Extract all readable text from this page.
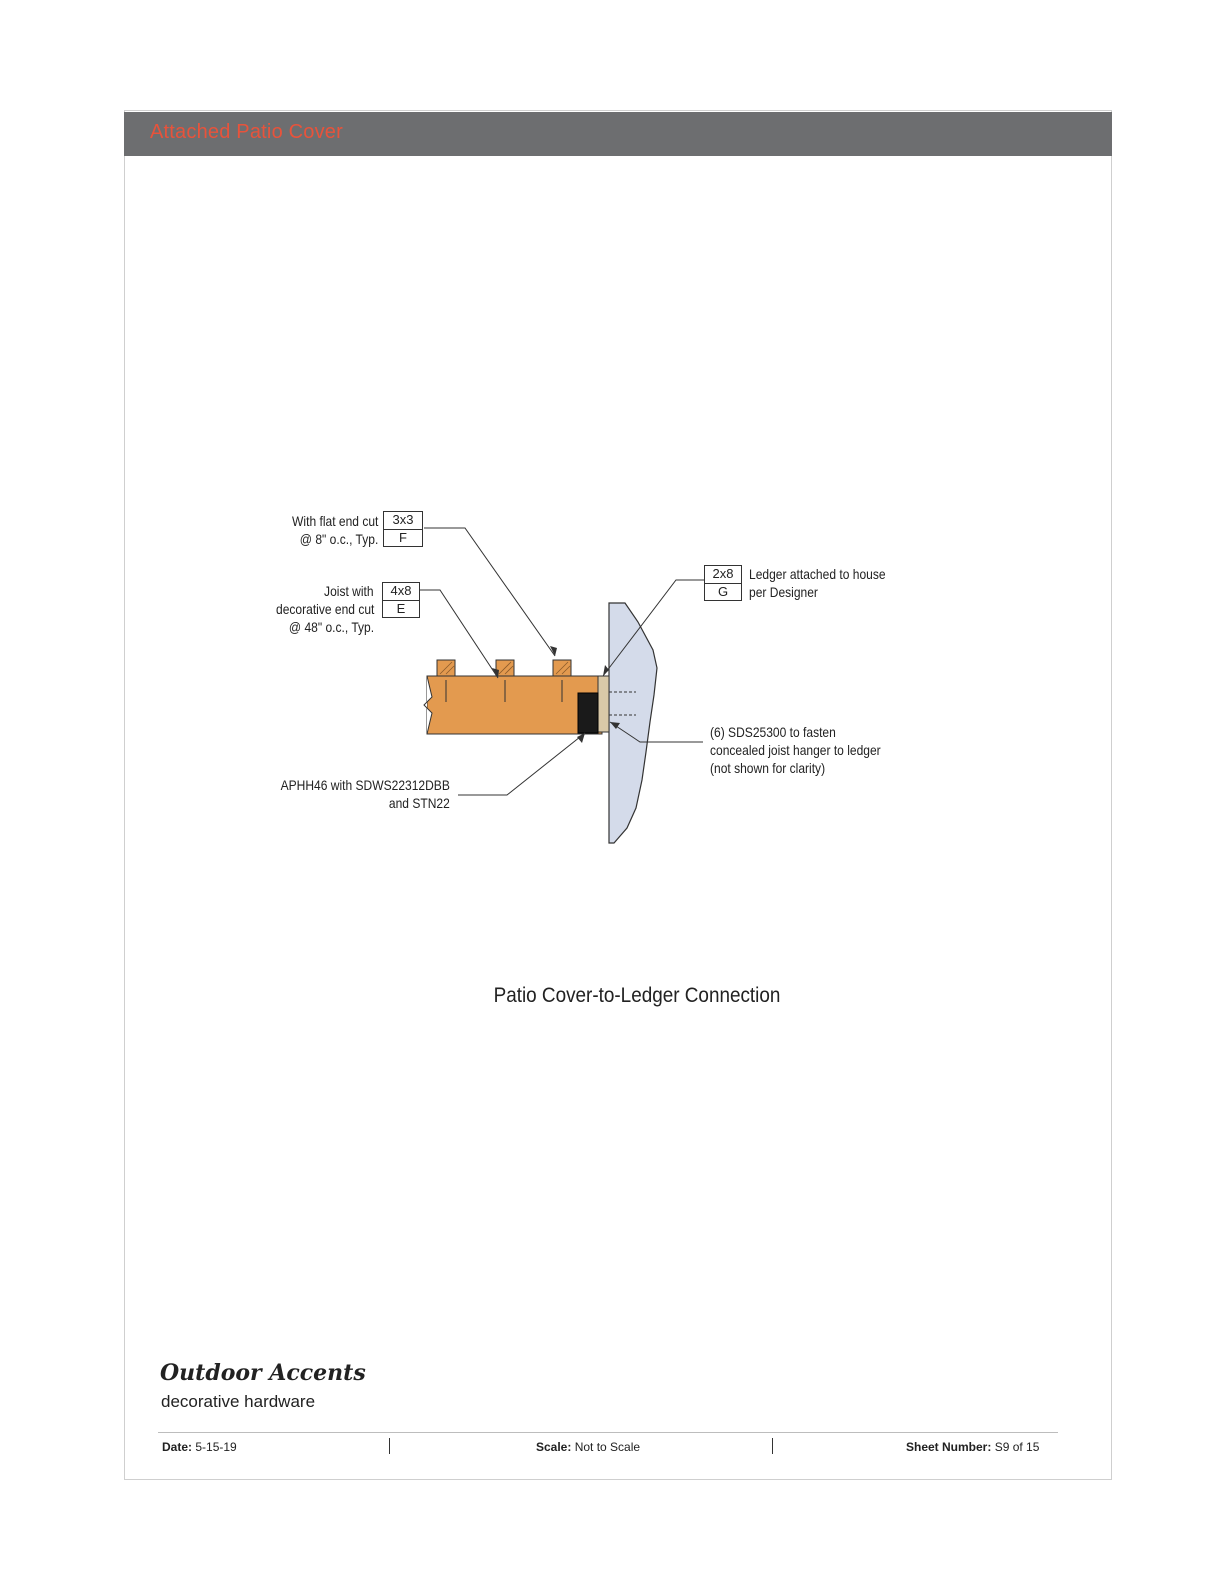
Attached Patio Cover
With flat end cut
@ 8" o.c., Typ.
3x3
F
Joist with
decorative end cut
@ 48" o.c., Typ.
4x8
E
2x8
G
Ledger attached to house
per Designer
(6) SDS25300 to fasten
concealed joist hanger to ledger
(not shown for clarity)
APHH46 with SDWS22312DBB
and STN22
Patio Cover-to-Ledger Connection
Outdoor Accents
decorative hardware
Date: 5-15-19	Scale: Not to Scale	Sheet Number: S9 of 15
